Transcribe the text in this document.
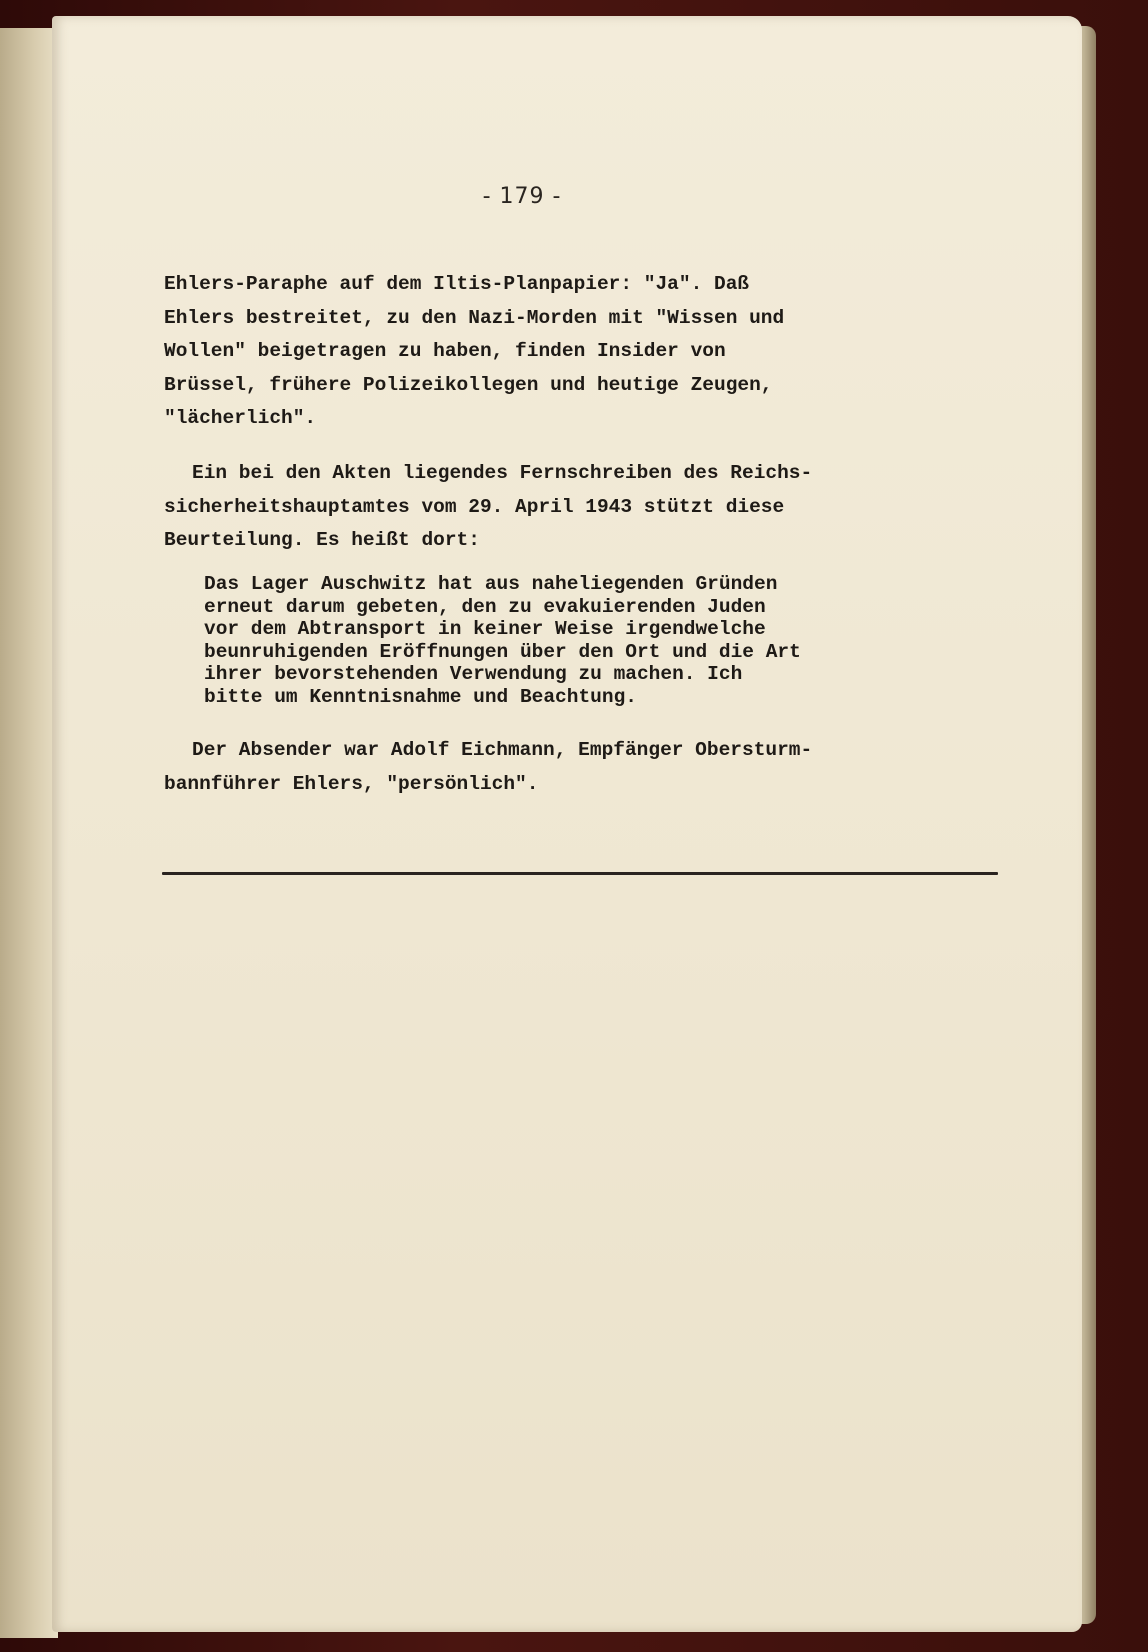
- 179 -
Ehlers-Paraphe auf dem Iltis-Planpapier: "Ja". Daß
Ehlers bestreitet, zu den Nazi-Morden mit "Wissen und
Wollen" beigetragen zu haben, finden Insider von
Brüssel, frühere Polizeikollegen und heutige Zeugen,
"lächerlich".
Ein bei den Akten liegendes Fernschreiben des Reichs-
sicherheitshauptamtes vom 29. April 1943 stützt diese
Beurteilung. Es heißt dort:
Das Lager Auschwitz hat aus naheliegenden Gründen
erneut darum gebeten, den zu evakuierenden Juden
vor dem Abtransport in keiner Weise irgendwelche
beunruhigenden Eröffnungen über den Ort und die Art
ihrer bevorstehenden Verwendung zu machen. Ich
bitte um Kenntnisnahme und Beachtung.
Der Absender war Adolf Eichmann, Empfänger Obersturm-
bannführer Ehlers, "persönlich".
